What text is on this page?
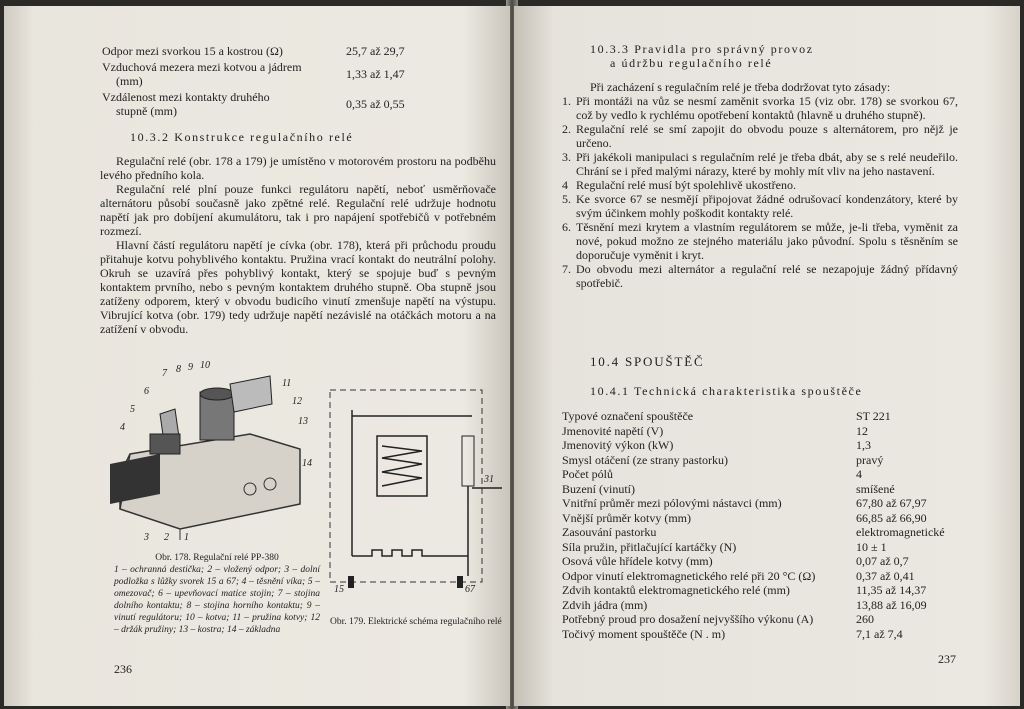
Odpor mezi svorkou 15 a kostrou (Ω)	25,7 až 29,7
Vzduchová mezera mezi kotvou a jádrem
(mm)	1,33 až 1,47
Vzdálenost mezi kontakty druhého
stupně (mm)	0,35 až 0,55
10.3.2 Konstrukce regulačního relé

Regulační relé (obr. 178 a 179) je umístěno v motorovém prostoru na podběhu levého předního kola.

Regulační relé plní pouze funkci regulátoru napětí, neboť usměrňovače alternátoru působí současně jako zpětné relé. Regulační relé udržuje hodnotu napětí jak pro dobíjení akumulátoru, tak i pro napájení spotřebičů v potřebném rozmezí.

Hlavní částí regulátoru napětí je cívka (obr. 178), která při průchodu proudu přitahuje kotvu pohyblivého kontaktu. Pružina vrací kontakt do neutrální polohy. Okruh se uzavírá přes pohyblivý kontakt, který se spojuje buď s pevným kontaktem prvního, nebo s pevným kontaktem druhého stupně. Oba stupně jsou zatíženy odporem, který v obvodu budicího vinutí zmenšuje napětí na výstupu. Vibrující kotva (obr. 179) tedy udržuje napětí nezávislé na otáčkách motoru a na zatížení v obvodu.

7 8 9 10
6
5
4
11
12
13
14
3 2 1
Obr. 178. Regulační relé PP-380
1 – ochranná destička; 2 – vložený odpor; 3 – dolní podložka s lůžky svorek 15 a 67; 4 – těsnění víka; 5 – omezovač; 6 – upevňovací matice stojin; 7 – stojina dolního kontaktu; 8 – stojina horního kontaktu; 9 – vinutí regulátoru; 10 – kotva; 11 – pružina kotvy; 12 – držák pružiny; 13 – kostra; 14 – základna
31
15	67
Obr. 179. Elektrické schéma regulačního relé
236
10.3.3 Pravidla pro správný provoz
a údržbu regulačního relé
Při zacházení s regulačním relé je třeba dodržovat tyto zásady:
1. Při montáži na vůz se nesmí zaměnit svorka 15 (viz obr. 178) se svorkou 67, což by vedlo k rychlému opotřebení kontaktů (hlavně u druhého stupně).
2. Regulační relé se smí zapojit do obvodu pouze s alternátorem, pro nějž je určeno.
3. Při jakékoli manipulaci s regulačním relé je třeba dbát, aby se s relé neudeřilo. Chrání se i před malými nárazy, které by mohly mít vliv na jeho nastavení.
4 Regulační relé musí být spolehlivě ukostřeno.
5. Ke svorce 67 se nesmějí připojovat žádné odrušovací kondenzátory, které by svým účinkem mohly poškodit kontakty relé.
6. Těsnění mezi krytem a vlastním regulátorem se může, je-li třeba, vyměnit za nové, pokud možno ze stejného materiálu jako původní. Spolu s těsněním se doporučuje vyměnit i kryt.
7. Do obvodu mezi alternátor a regulační relé se nezapojuje žádný přídavný spotřebič.
10.4 SPOUŠTĚČ
10.4.1 Technická charakteristika spouštěče
Typové označení spouštěče	ST 221
Jmenovité napětí (V)	12
Jmenovitý výkon (kW)	1,3
Smysl otáčení (ze strany pastorku)	pravý
Počet pólů	4
Buzení (vinutí)	smíšené
Vnitřní průměr mezi pólovými nástavci (mm)	67,80 až 67,97
Vnější průměr kotvy (mm)	66,85 až 66,90
Zasouvání pastorku	elektromagnetické
Síla pružin, přitlačující kartáčky (N)	10 ± 1
Osová vůle hřídele kotvy (mm)	0,07 až 0,7
Odpor vinutí elektromagnetického relé při 20 °C (Ω)	0,37 až 0,41
Zdvih kontaktů elektromagnetického relé (mm)	11,35 až 14,37
Zdvih jádra (mm)	13,88 až 16,09
Potřebný proud pro dosažení nejvyššího výkonu (A)	260
Točivý moment spouštěče (N . m)	7,1 až 7,4
237
